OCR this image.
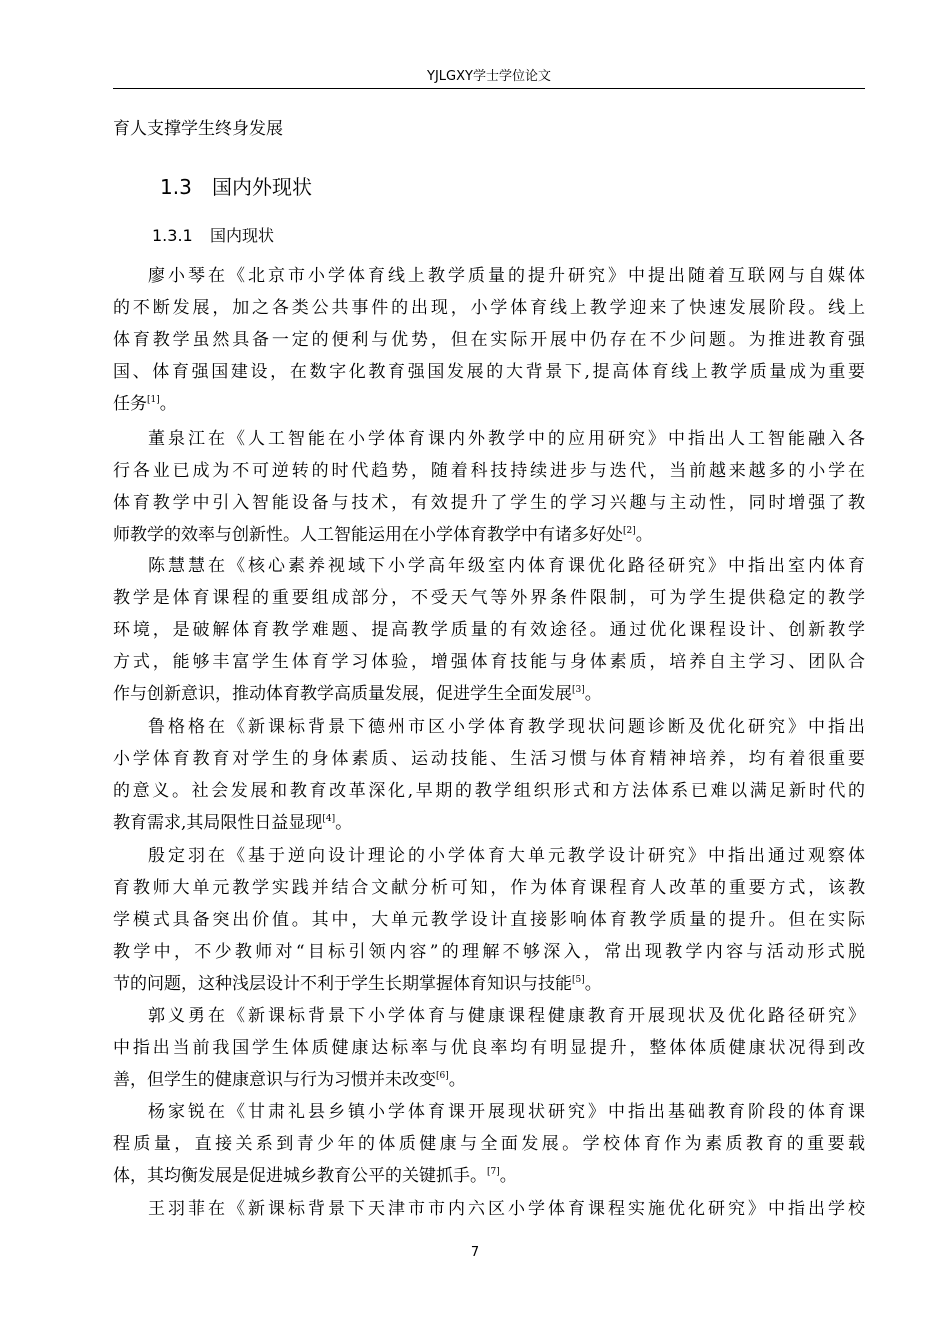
YJLGXY学士学位论文

育人支撑学生终身发展

1.3 国内外现状
1.3.1 国内现状

廖小琴在《北京市小学体育线上教学质量的提升研究》中提出随着互联网与自媒体

的不断发展，加之各类公共事件的出现，小学体育线上教学迎来了快速发展阶段。线上

体育教学虽然具备一定的便利与优势，但在实际开展中仍存在不少问题。为推进教育强

国、体育强国建设，在数字化教育强国发展的大背景下,提高体育线上教学质量成为重要

任务[1]。

董泉江在《人工智能在小学体育课内外教学中的应用研究》中指出人工智能融入各

行各业已成为不可逆转的时代趋势，随着科技持续进步与迭代，当前越来越多的小学在

体育教学中引入智能设备与技术，有效提升了学生的学习兴趣与主动性，同时增强了教

师教学的效率与创新性。人工智能运用在小学体育教学中有诸多好处[2]。

陈慧慧在《核心素养视域下小学高年级室内体育课优化路径研究》中指出室内体育

教学是体育课程的重要组成部分，不受天气等外界条件限制，可为学生提供稳定的教学

环境，是破解体育教学难题、提高教学质量的有效途径。通过优化课程设计、创新教学

方式，能够丰富学生体育学习体验，增强体育技能与身体素质，培养自主学习、团队合

作与创新意识，推动体育教学高质量发展，促进学生全面发展[3]。

鲁格格在《新课标背景下德州市区小学体育教学现状问题诊断及优化研究》中指出

小学体育教育对学生的身体素质、运动技能、生活习惯与体育精神培养，均有着很重要

的意义。社会发展和教育改革深化,早期的教学组织形式和方法体系已难以满足新时代的

教育需求,其局限性日益显现[4]。

殷定羽在《基于逆向设计理论的小学体育大单元教学设计研究》中指出通过观察体

育教师大单元教学实践并结合文献分析可知，作为体育课程育人改革的重要方式，该教

学模式具备突出价值。其中，大单元教学设计直接影响体育教学质量的提升。但在实际

教学中，不少教师对“目标引领内容”的理解不够深入，常出现教学内容与活动形式脱

节的问题，这种浅层设计不利于学生长期掌握体育知识与技能[5]。

郭义勇在《新课标背景下小学体育与健康课程健康教育开展现状及优化路径研究》

中指出当前我国学生体质健康达标率与优良率均有明显提升，整体体质健康状况得到改

善，但学生的健康意识与行为习惯并未改变[6]。

杨家锐在《甘肃礼县乡镇小学体育课开展现状研究》中指出基础教育阶段的体育课

程质量，直接关系到青少年的体质健康与全面发展。学校体育作为素质教育的重要载

体，其均衡发展是促进城乡教育公平的关键抓手。[7]。

王羽菲在《新课标背景下天津市市内六区小学体育课程实施优化研究》中指出学校

7
